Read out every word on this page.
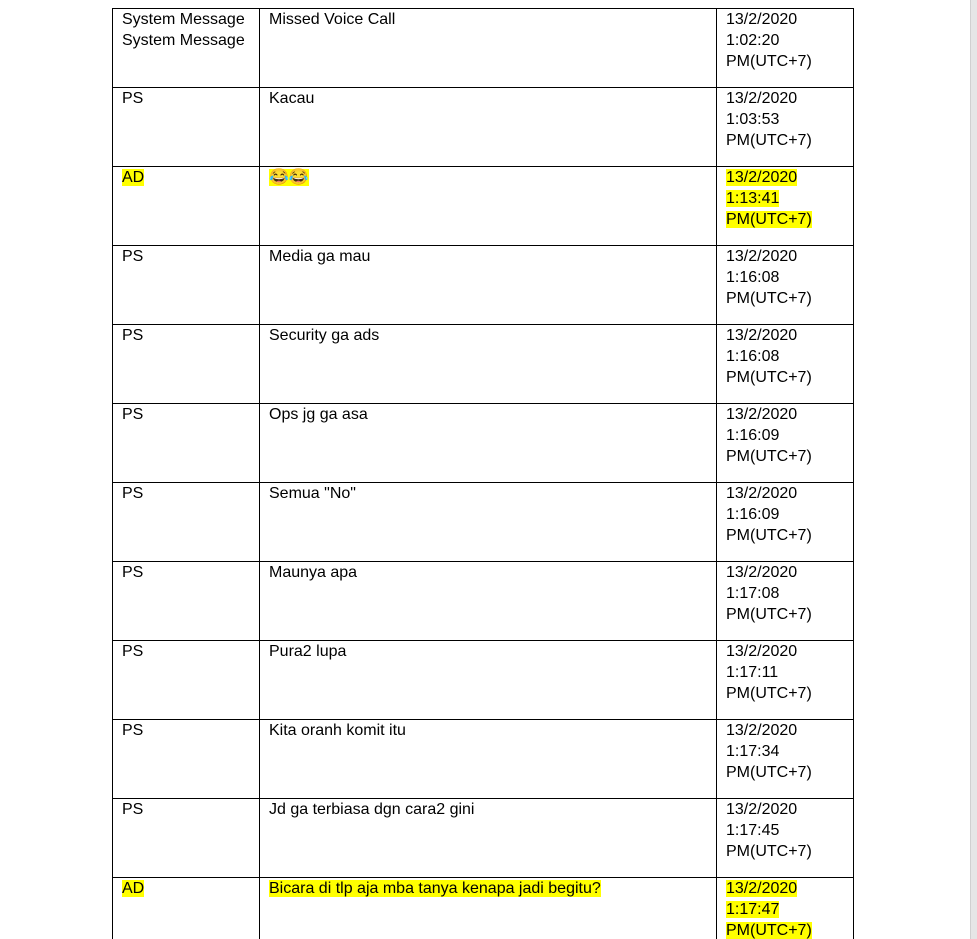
System Message
System Message	Missed Voice Call	13/2/2020
1:02:20
PM(UTC+7)

PS	Kacau	13/2/2020
1:03:53
PM(UTC+7)

AD	😂😂	13/2/2020
1:13:41
PM(UTC+7)

PS	Media ga mau	13/2/2020
1:16:08
PM(UTC+7)

PS	Security ga ads	13/2/2020
1:16:08
PM(UTC+7)

PS	Ops jg ga asa	13/2/2020
1:16:09
PM(UTC+7)

PS	Semua "No"	13/2/2020
1:16:09
PM(UTC+7)

PS	Maunya apa	13/2/2020
1:17:08
PM(UTC+7)

PS	Pura2 lupa	13/2/2020
1:17:11
PM(UTC+7)

PS	Kita oranh komit itu	13/2/2020
1:17:34
PM(UTC+7)

PS	Jd ga terbiasa dgn cara2 gini	13/2/2020
1:17:45
PM(UTC+7)

AD	Bicara di tlp aja mba tanya kenapa jadi begitu?	13/2/2020
1:17:47
PM(UTC+7)
